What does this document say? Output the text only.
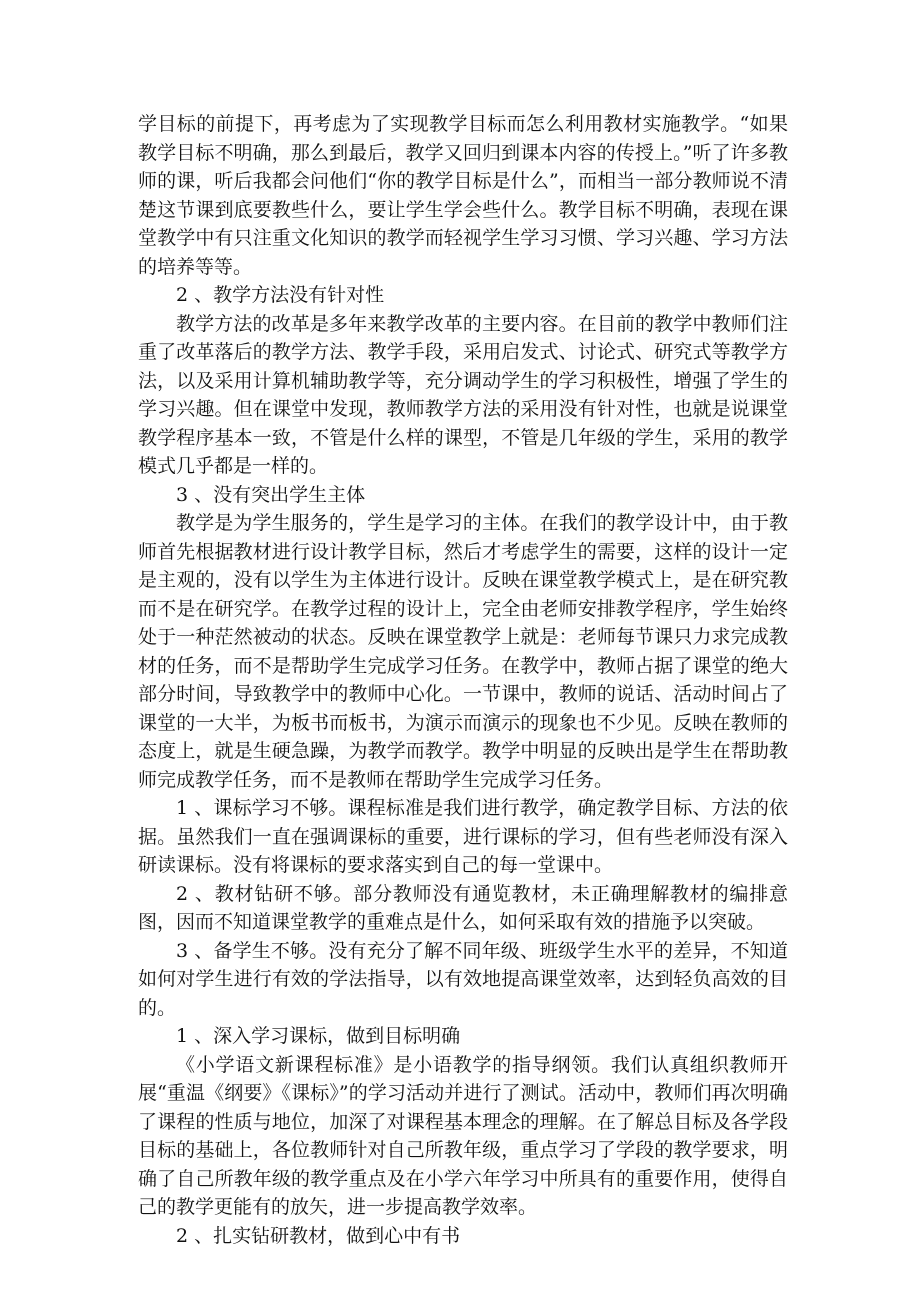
学目标的前提下，再考虑为了实现教学目标而怎么利用教材实施教学。“如果教学目标不明确，那么到最后，教学又回归到课本内容的传授上。”听了许多教师的课，听后我都会问他们“你的教学目标是什么”，而相当一部分教师说不清楚这节课到底要教些什么，要让学生学会些什么。教学目标不明确，表现在课堂教学中有只注重文化知识的教学而轻视学生学习习惯、学习兴趣、学习方法的培养等等。

2 、教学方法没有针对性

教学方法的改革是多年来教学改革的主要内容。在目前的教学中教师们注重了改革落后的教学方法、教学手段，采用启发式、讨论式、研究式等教学方法，以及采用计算机辅助教学等，充分调动学生的学习积极性，增强了学生的学习兴趣。但在课堂中发现，教师教学方法的采用没有针对性，也就是说课堂教学程序基本一致，不管是什么样的课型，不管是几年级的学生，采用的教学模式几乎都是一样的。

3 、没有突出学生主体

教学是为学生服务的，学生是学习的主体。在我们的教学设计中，由于教师首先根据教材进行设计教学目标，然后才考虑学生的需要，这样的设计一定是主观的，没有以学生为主体进行设计。反映在课堂教学模式上，是在研究教而不是在研究学。在教学过程的设计上，完全由老师安排教学程序，学生始终处于一种茫然被动的状态。反映在课堂教学上就是：老师每节课只力求完成教材的任务，而不是帮助学生完成学习任务。在教学中，教师占据了课堂的绝大部分时间，导致教学中的教师中心化。一节课中，教师的说话、活动时间占了课堂的一大半，为板书而板书，为演示而演示的现象也不少见。反映在教师的态度上，就是生硬急躁，为教学而教学。教学中明显的反映出是学生在帮助教师完成教学任务，而不是教师在帮助学生完成学习任务。

1 、课标学习不够。课程标准是我们进行教学，确定教学目标、方法的依据。虽然我们一直在强调课标的重要，进行课标的学习，但有些老师没有深入研读课标。没有将课标的要求落实到自己的每一堂课中。

2 、教材钻研不够。部分教师没有通览教材，未正确理解教材的编排意图，因而不知道课堂教学的重难点是什么，如何采取有效的措施予以突破。

3 、备学生不够。没有充分了解不同年级、班级学生水平的差异，不知道如何对学生进行有效的学法指导，以有效地提高课堂效率，达到轻负高效的目的。

1 、深入学习课标，做到目标明确

《小学语文新课程标准》是小语教学的指导纲领。我们认真组织教师开展“重温《纲要》《课标》”的学习活动并进行了测试。活动中，教师们再次明确了课程的性质与地位，加深了对课程基本理念的理解。在了解总目标及各学段目标的基础上，各位教师针对自己所教年级，重点学习了学段的教学要求，明确了自己所教年级的教学重点及在小学六年学习中所具有的重要作用，使得自己的教学更能有的放矢，进一步提高教学效率。

2 、扎实钻研教材，做到心中有书
